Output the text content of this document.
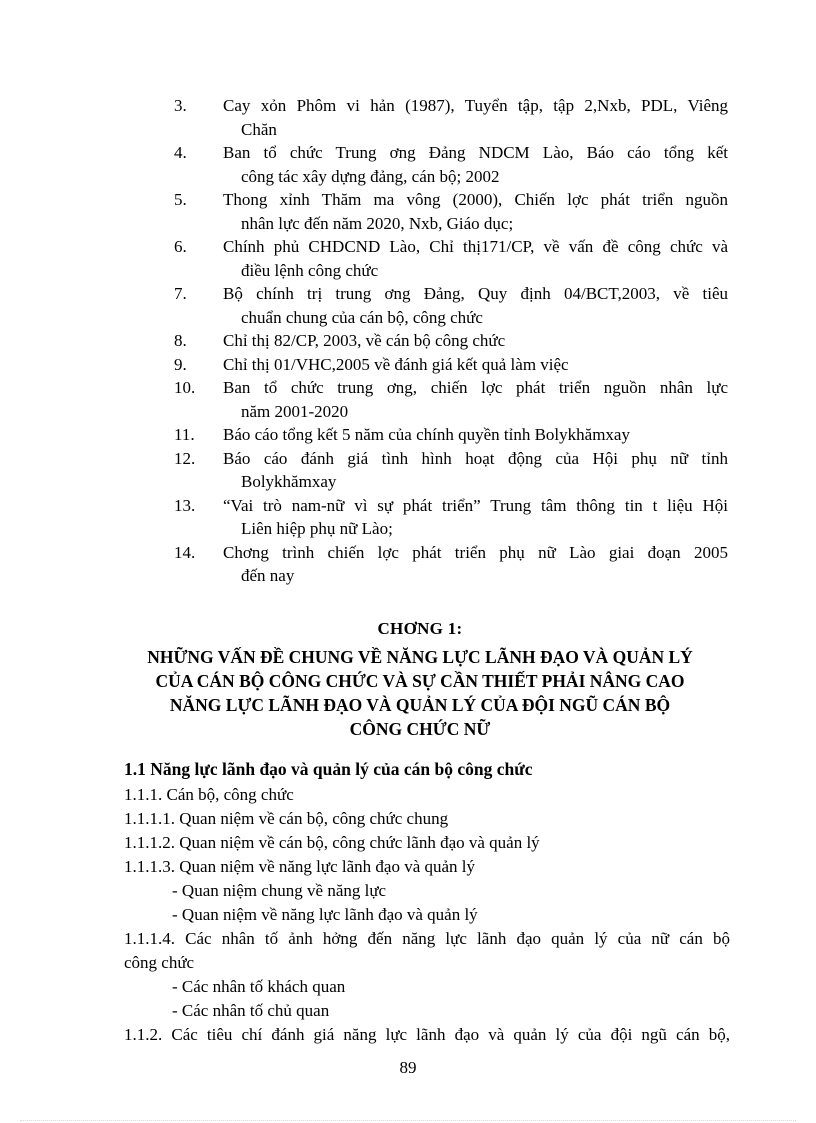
3.	Cay xỏn Phôm vi hản (1987), Tuyển tập, tập 2,Nxb, PDL, Viêng
Chăn
4.	Ban tổ chức Trung ơng Đảng NDCM Lào, Báo cáo tổng kết
công tác xây dựng đảng, cán bộ; 2002
5.	Thong xỉnh Thăm ma vông (2000), Chiến lợc phát triển nguồn
nhân lực đến năm 2020, Nxb, Giáo dục;
6.	Chính phủ CHDCND Lào, Chỉ thị171/CP, về vấn đề công chức và
điều lệnh công chức
7.	Bộ chính trị trung ơng Đảng, Quy định 04/BCT,2003, về tiêu
chuẩn chung của cán bộ, công chức
8.	Chỉ thị 82/CP, 2003, về cán bộ công chức
9.	Chỉ thị 01/VHC,2005 về đánh giá kết quả làm việc
10.	Ban tổ chức trung ơng, chiến lợc phát triển nguồn nhân lực
năm 2001-2020
11.	Báo cáo tổng kết 5 năm của chính quyền tỉnh Bolykhămxay
12.	Báo cáo đánh giá tình hình hoạt động của Hội phụ nữ tỉnh
Bolykhămxay
13.	“Vai trò nam-nữ vì sự phát triển” Trung tâm thông tin t liệu Hội
Liên hiệp phụ nữ Lào;
14.	Chơng trình chiến lợc phát triển phụ nữ Lào giai đoạn 2005
đến nay
CHƠNG 1:
NHỮNG VẤN ĐỀ CHUNG VỀ NĂNG LỰC LÃNH ĐẠO VÀ QUẢN LÝ
CỦA CÁN BỘ CÔNG CHỨC VÀ SỰ CẦN THIẾT PHẢI NÂNG CAO
NĂNG LỰC LÃNH ĐẠO VÀ QUẢN LÝ CỦA ĐỘI NGŨ CÁN BỘ
CÔNG CHỨC NỮ
1.1 Năng lực lãnh đạo và quản lý của cán bộ công chức
1.1.1. Cán bộ, công chức
1.1.1.1. Quan niệm về cán bộ, công chức chung
1.1.1.2. Quan niệm về cán bộ, công chức lãnh đạo và quản lý
1.1.1.3. Quan niệm về năng lực lãnh đạo và quản lý
- Quan niệm chung về năng lực
- Quan niệm về năng lực lãnh đạo và quản lý
1.1.1.4. Các nhân tố ảnh hởng đến năng lực lãnh đạo quản lý của nữ cán bộ
công chức
- Các nhân tố khách quan
- Các nhân tố chủ quan
1.1.2. Các tiêu chí đánh giá năng lực lãnh đạo và quản lý của đội ngũ cán bộ,
89
